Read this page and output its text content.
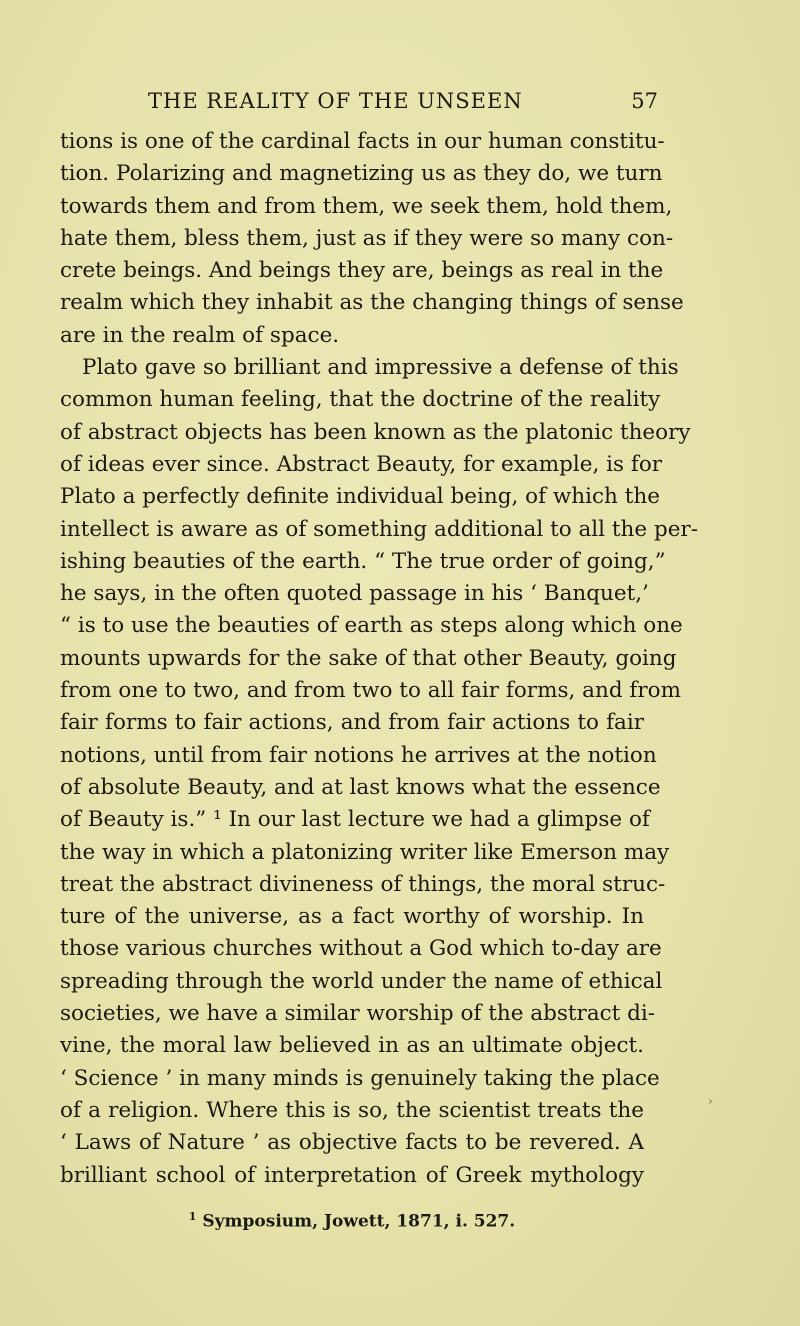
THE REALITY OF THE UNSEEN	57
tions is one of the cardinal facts in our human constitu-
tion. Polarizing and magnetizing us as they do, we turn
towards them and from them, we seek them, hold them,
hate them, bless them, just as if they were so many con-
crete beings. And beings they are, beings as real in the
realm which they inhabit as the changing things of sense
are in the realm of space.
Plato gave so brilliant and impressive a defense of this
common human feeling, that the doctrine of the reality
of abstract objects has been known as the platonic theory
of ideas ever since. Abstract Beauty, for example, is for
Plato a perfectly definite individual being, of which the
intellect is aware as of something additional to all the per-
ishing beauties of the earth. “ The true order of going,”
he says, in the often quoted passage in his ‘ Banquet,’
“ is to use the beauties of earth as steps along which one
mounts upwards for the sake of that other Beauty, going
from one to two, and from two to all fair forms, and from
fair forms to fair actions, and from fair actions to fair
notions, until from fair notions he arrives at the notion
of absolute Beauty, and at last knows what the essence
of Beauty is.” ¹ In our last lecture we had a glimpse of
the way in which a platonizing writer like Emerson may
treat the abstract divineness of things, the moral struc-
ture of the universe, as a fact worthy of worship. In
those various churches without a God which to-day are
spreading through the world under the name of ethical
societies, we have a similar worship of the abstract di-
vine, the moral law believed in as an ultimate object.
‘ Science ’ in many minds is genuinely taking the place
of a religion. Where this is so, the scientist treats the
‘ Laws of Nature ’ as objective facts to be revered. A
brilliant school of interpretation of Greek mythology
$^1$ Symposium, Jowett, 1871, i. 527.
›
